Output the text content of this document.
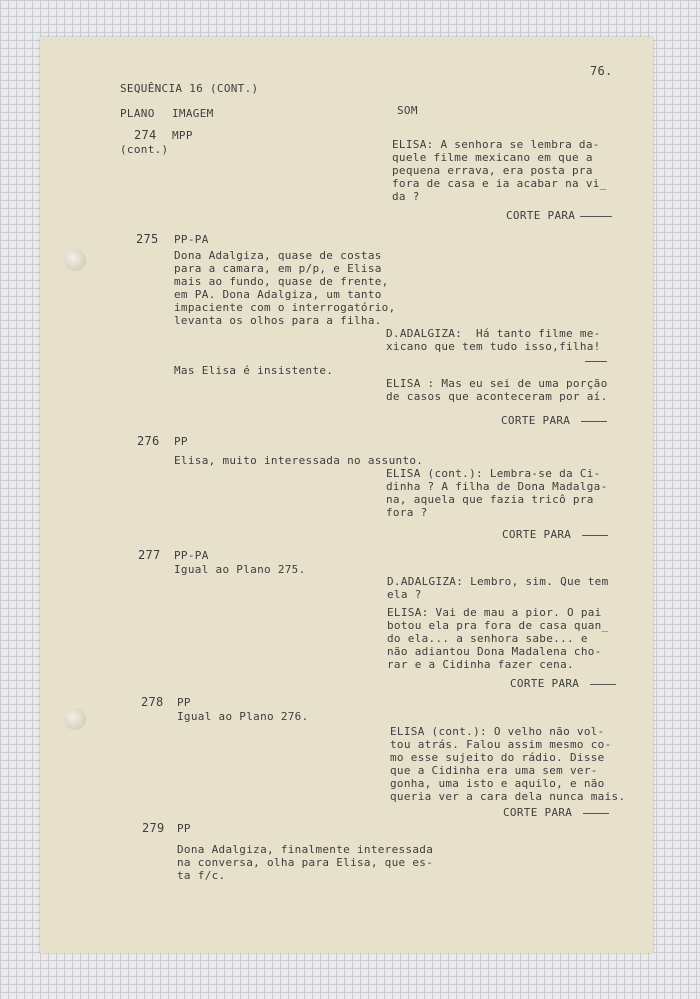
SEQUÊNCIA 16 (CONT.)
76.
PLANO IMAGEM	SOM
274 MPP
(cont.)	ELISA: A senhora se lembra da-
quele filme mexicano em que a
pequena errava, era posta pra
fora de casa e ia acabar na vi_
da ?
CORTE PARA
275 PP-PA
Dona Adalgiza, quase de costas
para a camara, em p/p, e Elisa
mais ao fundo, quase de frente,
em PA. Dona Adalgiza, um tanto
impaciente com o interrogatório,
levanta os olhos para a filha.
D.ADALGIZA:  Há tanto filme me-
xicano que tem tudo isso,filha!
Mas Elisa é insistente.
ELISA : Mas eu sei de uma porção
de casos que aconteceram por aí.
CORTE PARA
276 PP
Elisa, muito interessada no assunto.
ELISA (cont.): Lembra-se da Ci-
dinha ? A filha de Dona Madalga-
na, aquela que fazia tricô pra
fora ?
CORTE PARA
277 PP-PA
Igual ao Plano 275.
D.ADALGIZA: Lembro, sim. Que tem
ela ?
ELISA: Vai de mau a pior. O pai
botou ela pra fora de casa quan_
do ela... a senhora sabe... e
não adiantou Dona Madalena cho-
rar e a Cidinha fazer cena.
CORTE PARA
278 PP
Igual ao Plano 276.
ELISA (cont.): O velho não vol-
tou atrás. Falou assim mesmo co-
mo esse sujeito do rádio. Disse
que a Cidinha era uma sem ver-
gonha, uma isto e aquilo, e não
queria ver a cara dela nunca mais.
CORTE PARA
279 PP
Dona Adalgiza, finalmente interessada
na conversa, olha para Elisa, que es-
ta f/c.
